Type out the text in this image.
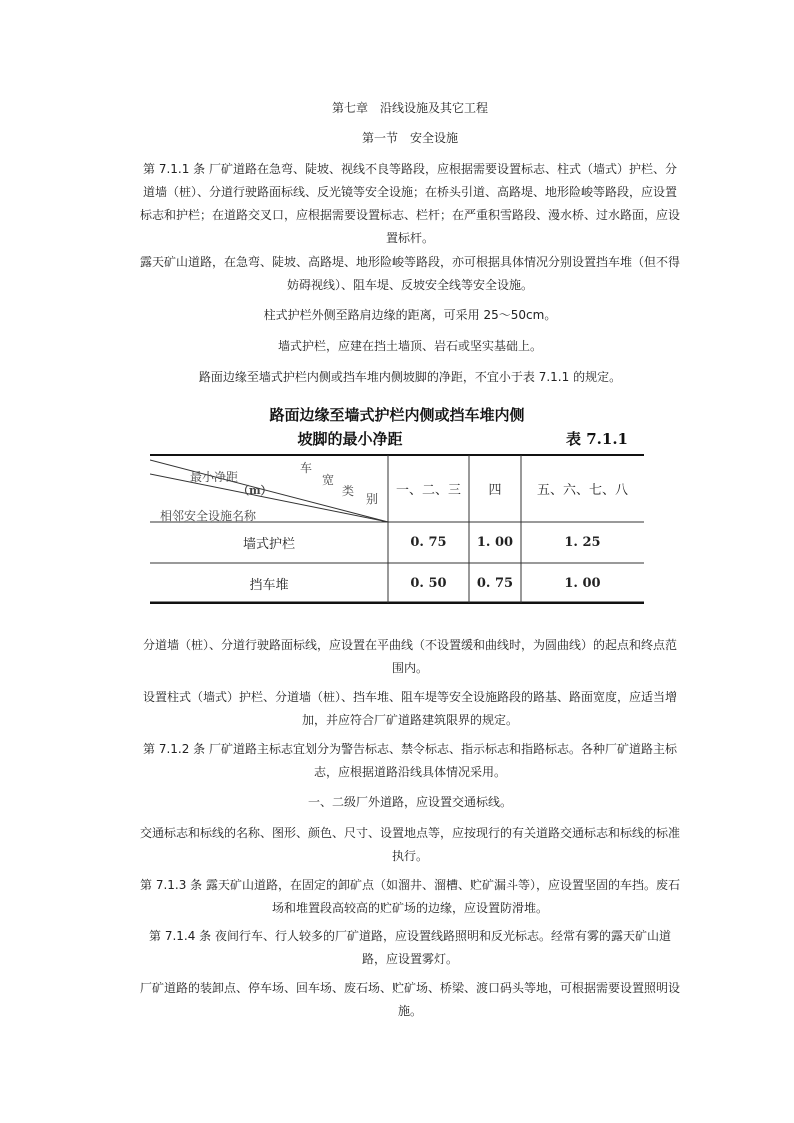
第七章　沿线设施及其它工程

第一节　安全设施

第 7.1.1 条 厂矿道路在急弯、陡坡、视线不良等路段，应根据需要设置标志、柱式（墙式）护栏、分道墙（桩）、分道行驶路面标线、反光镜等安全设施；在桥头引道、高路堤、地形险峻等路段，应设置标志和护栏；在道路交叉口，应根据需要设置标志、栏杆；在严重积雪路段、漫水桥、过水路面，应设置标杆。

露天矿山道路，在急弯、陡坡、高路堤、地形险峻等路段，亦可根据具体情况分别设置挡车堆（但不得妨碍视线）、阻车堤、反坡安全线等安全设施。

柱式护栏外侧至路肩边缘的距离，可采用 25～50cm。

墙式护栏，应建在挡土墙顶、岩石或坚实基础上。

路面边缘至墙式护栏内侧或挡车堆内侧坡脚的净距，不宜小于表 7.1.1 的规定。

路面边缘至墙式护栏内侧或挡车堆内侧
坡脚的最小净距	表 7.1.1
车
宽
类
别
最小净距
（m）
相邻安全设施名称
一、二、三	四	五、六、七、八
墙式护栏	0. 75	1. 00	1. 25
挡车堆	0. 50	0. 75	1. 00

分道墙（桩）、分道行驶路面标线，应设置在平曲线（不设置缓和曲线时，为圆曲线）的起点和终点范围内。

设置柱式（墙式）护栏、分道墙（桩）、挡车堆、阻车堤等安全设施路段的路基、路面宽度，应适当增加，并应符合厂矿道路建筑限界的规定。

第 7.1.2 条 厂矿道路主标志宜划分为警告标志、禁令标志、指示标志和指路标志。各种厂矿道路主标志，应根据道路沿线具体情况采用。

一、二级厂外道路，应设置交通标线。

交通标志和标线的名称、图形、颜色、尺寸、设置地点等，应按现行的有关道路交通标志和标线的标准执行。

第 7.1.3 条 露天矿山道路，在固定的卸矿点（如溜井、溜槽、贮矿漏斗等），应设置坚固的车挡。废石场和堆置段高较高的贮矿场的边缘，应设置防滑堆。

第 7.1.4 条 夜间行车、行人较多的厂矿道路，应设置线路照明和反光标志。经常有雾的露天矿山道路，应设置雾灯。

厂矿道路的装卸点、停车场、回车场、废石场、贮矿场、桥梁、渡口码头等地，可根据需要设置照明设施。
